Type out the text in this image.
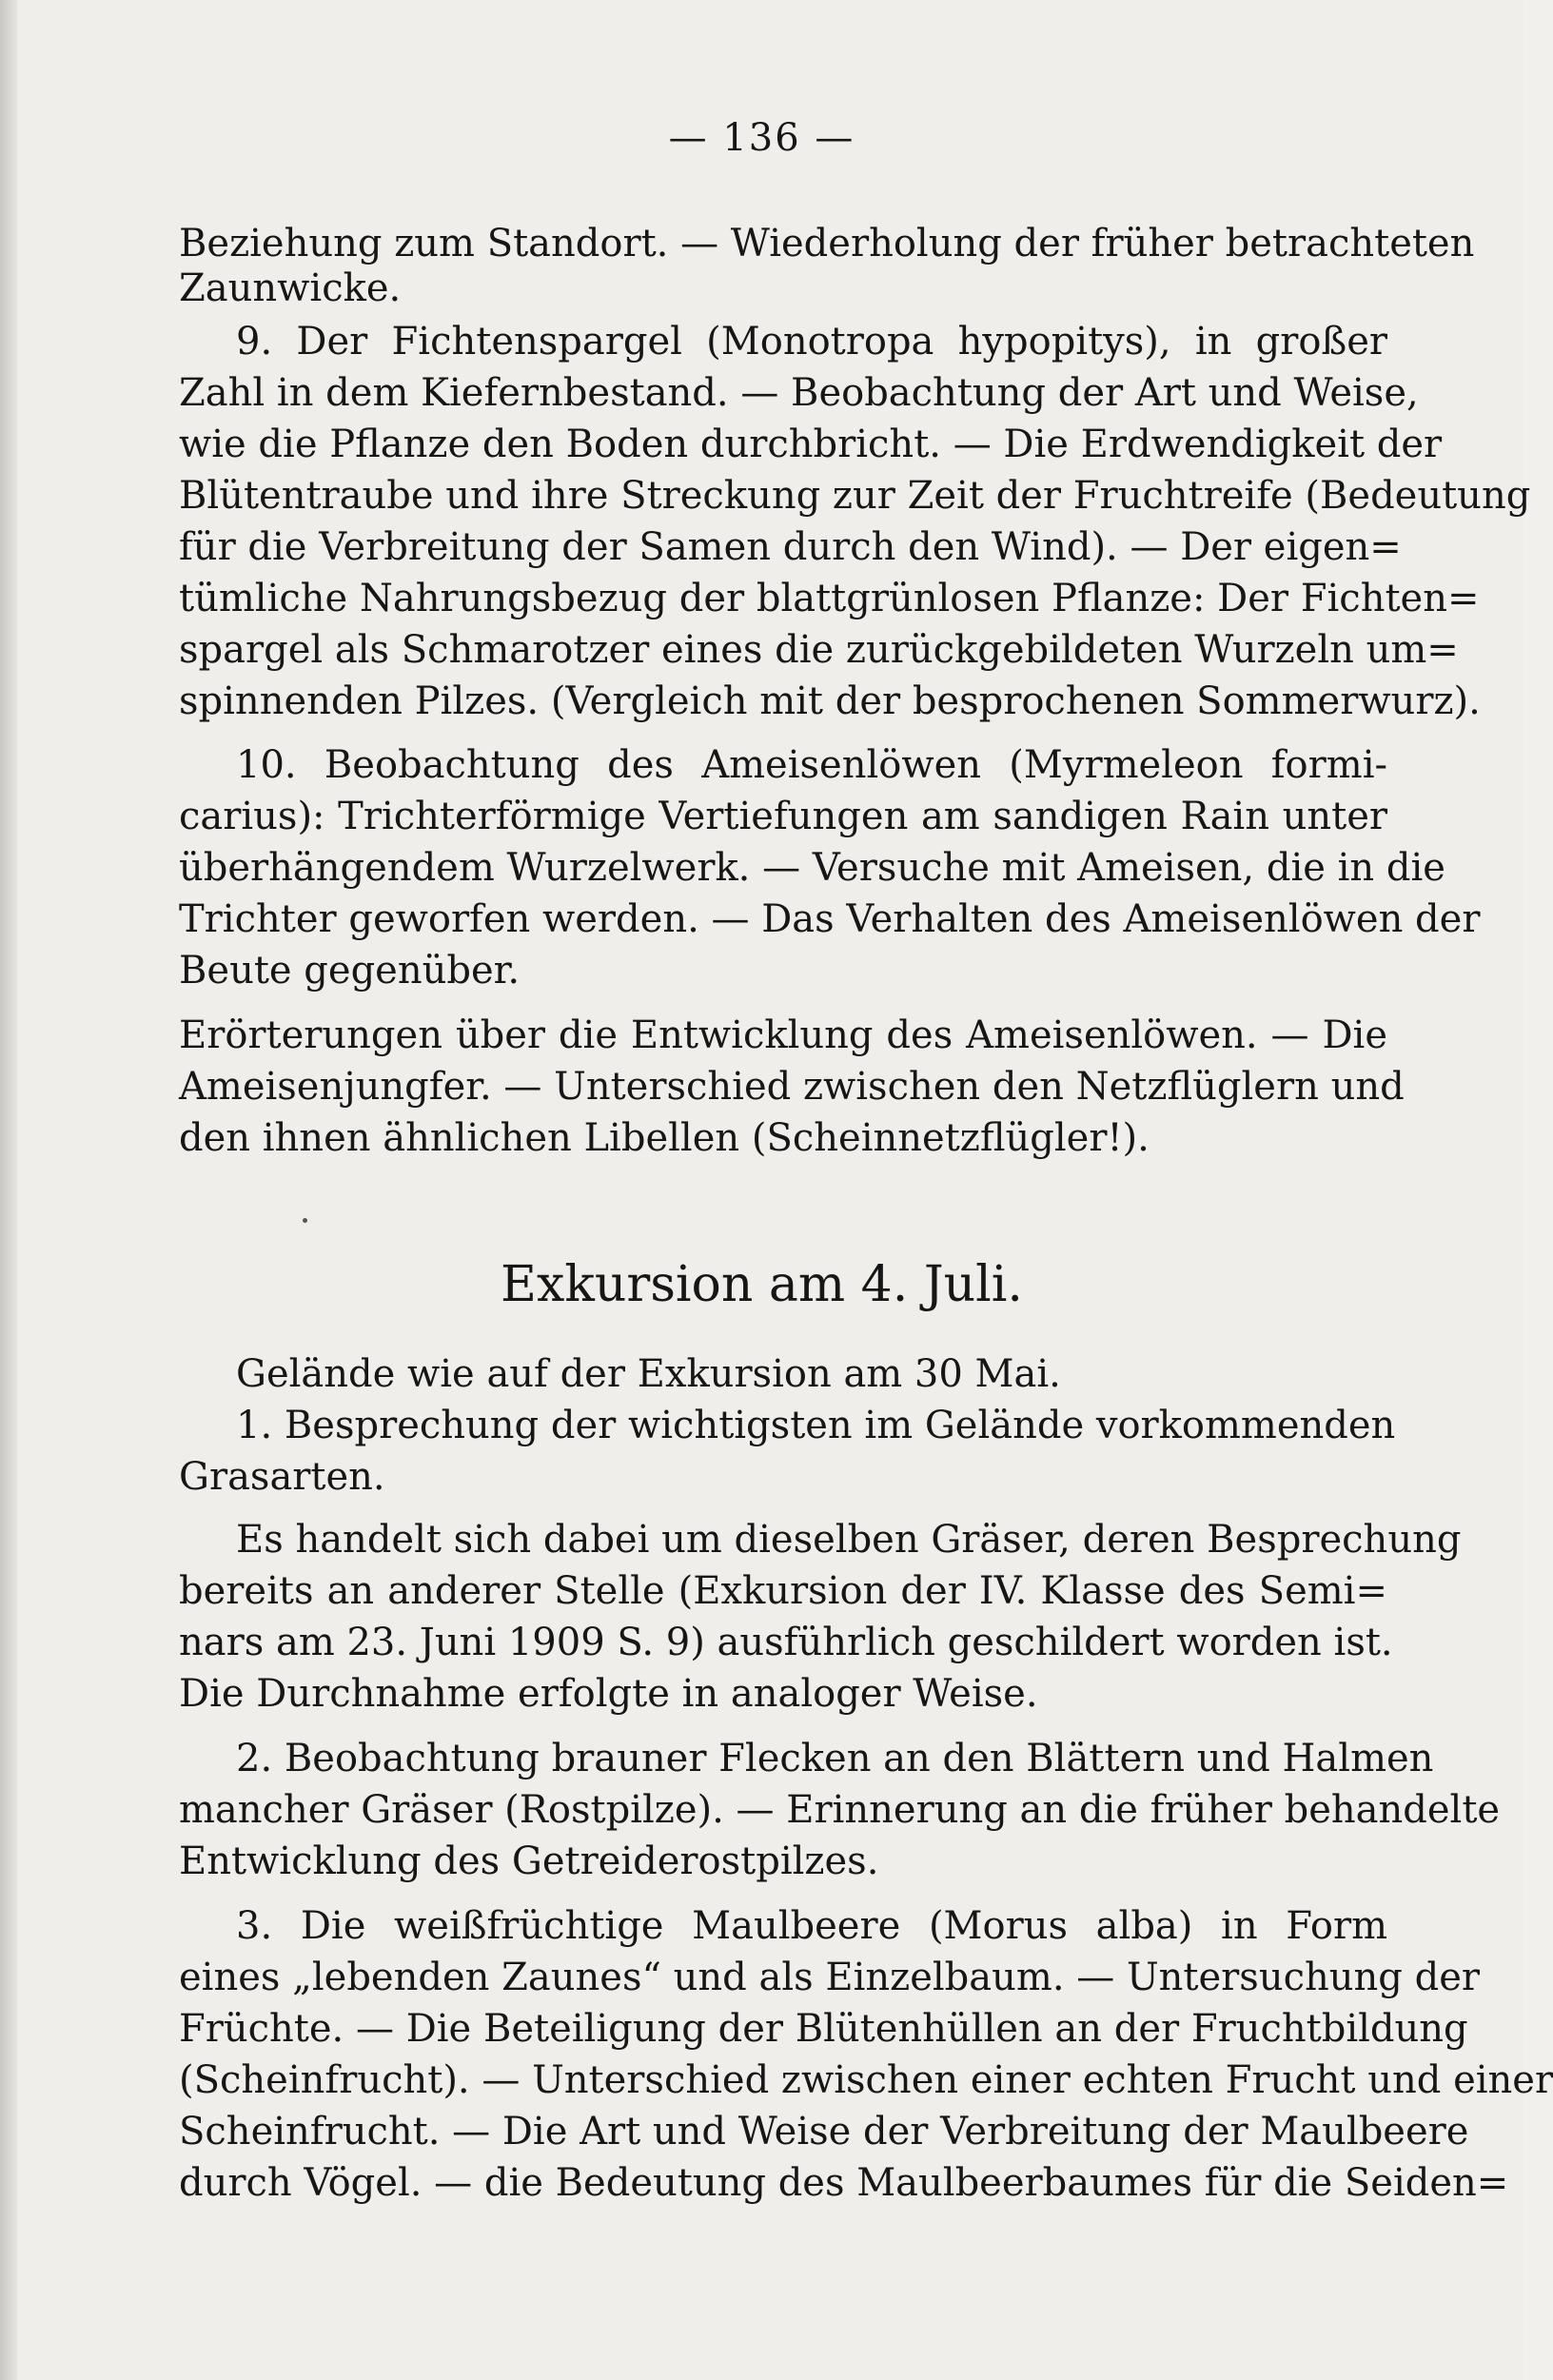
— 136 —
Beziehung zum Standort. — Wiederholung der früher betrachteten
Zaunwicke.
9. Der Fichtenspargel (Monotropa hypopitys), in großer
Zahl in dem Kiefernbestand. — Beobachtung der Art und Weise,
wie die Pflanze den Boden durchbricht. — Die Erdwendigkeit der
Blütentraube und ihre Streckung zur Zeit der Fruchtreife (Bedeutung
für die Verbreitung der Samen durch den Wind). — Der eigen=
tümliche Nahrungsbezug der blattgrünlosen Pflanze: Der Fichten=
spargel als Schmarotzer eines die zurückgebildeten Wurzeln um=
spinnenden Pilzes. (Vergleich mit der besprochenen Sommerwurz).
10. Beobachtung des Ameisenlöwen (Myrmeleon formi-
carius): Trichterförmige Vertiefungen am sandigen Rain unter
überhängendem Wurzelwerk. — Versuche mit Ameisen, die in die
Trichter geworfen werden. — Das Verhalten des Ameisenlöwen der
Beute gegenüber.
Erörterungen über die Entwicklung des Ameisenlöwen. — Die
Ameisenjungfer. — Unterschied zwischen den Netzflüglern und
den ihnen ähnlichen Libellen (Scheinnetzflügler!).
Exkursion am 4. Juli.
Gelände wie auf der Exkursion am 30 Mai.
1. Besprechung der wichtigsten im Gelände vorkommenden
Grasarten.
Es handelt sich dabei um dieselben Gräser, deren Besprechung
bereits an anderer Stelle (Exkursion der IV. Klasse des Semi=
nars am 23. Juni 1909 S. 9) ausführlich geschildert worden ist.
Die Durchnahme erfolgte in analoger Weise.
2. Beobachtung brauner Flecken an den Blättern und Halmen
mancher Gräser (Rostpilze). — Erinnerung an die früher behandelte
Entwicklung des Getreiderostpilzes.
3. Die weißfrüchtige Maulbeere (Morus alba) in Form
eines „lebenden Zaunes“ und als Einzelbaum. — Untersuchung der
Früchte. — Die Beteiligung der Blütenhüllen an der Fruchtbildung
(Scheinfrucht). — Unterschied zwischen einer echten Frucht und einer
Scheinfrucht. — Die Art und Weise der Verbreitung der Maulbeere
durch Vögel. — die Bedeutung des Maulbeerbaumes für die Seiden=
